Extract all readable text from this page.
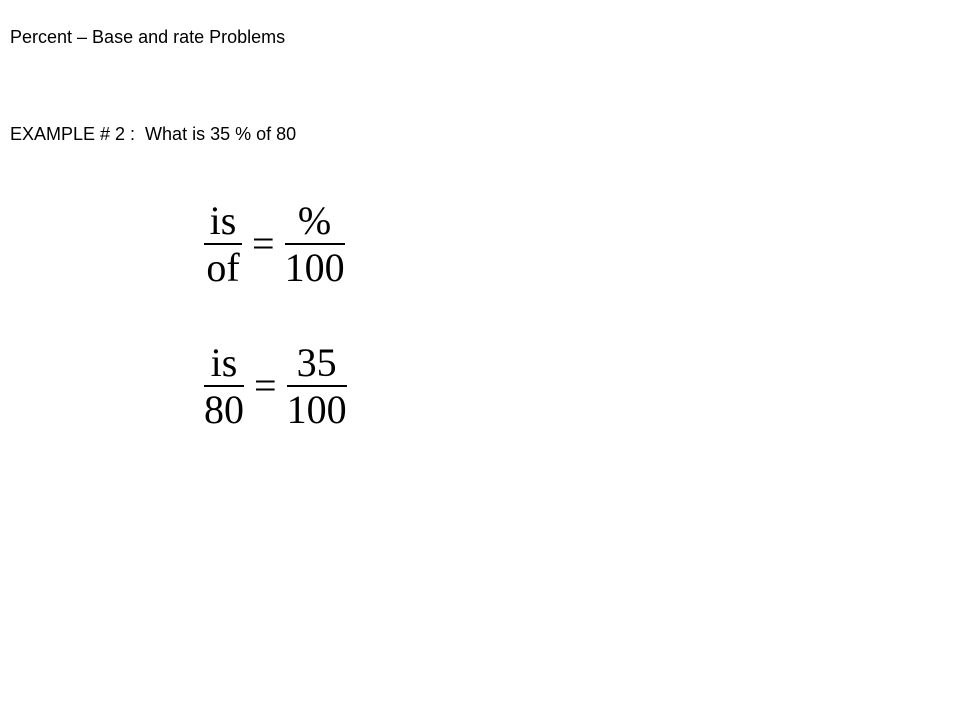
Percent – Base and rate Problems

EXAMPLE # 2 :  What is 35 % of 80

$\frac{is}{of} = \frac{\%}{100}$
$\frac{is}{80} = \frac{35}{100}$
